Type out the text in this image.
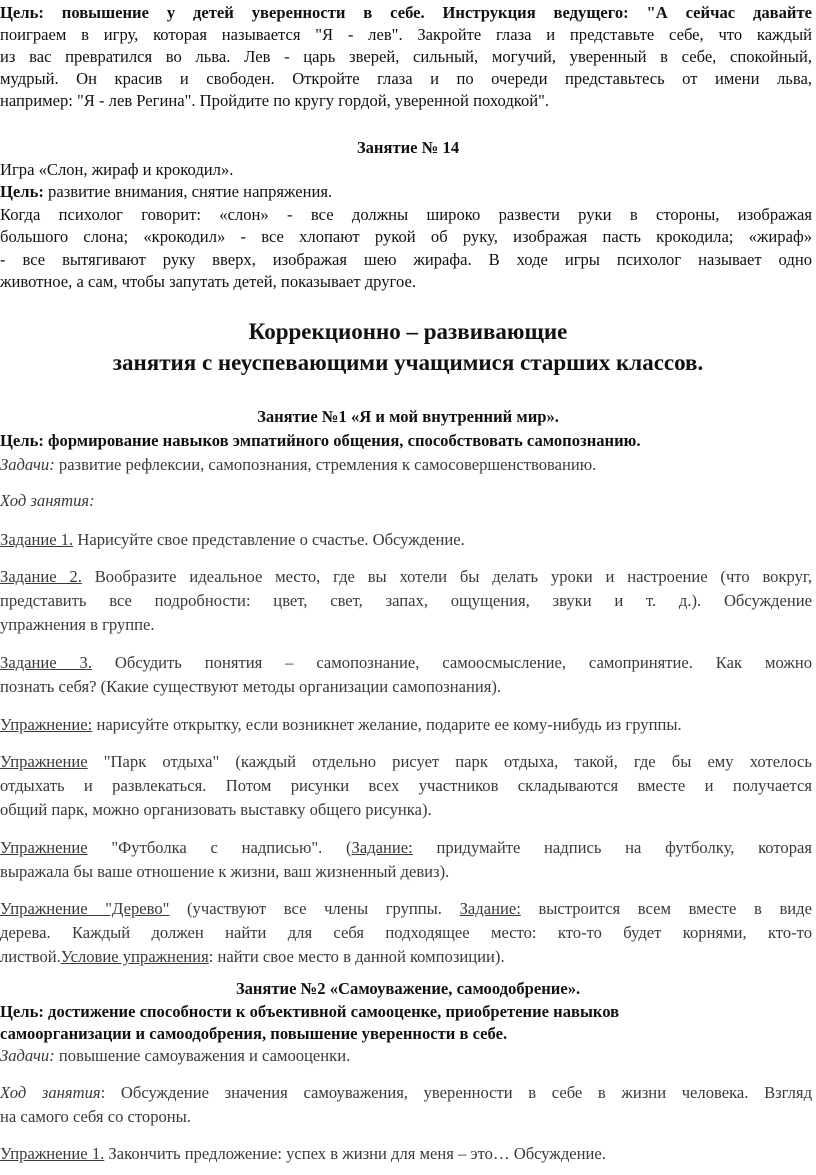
Цель: повышение у детей уверенности в себе. Инструкция ведущего: "А сейчас давайте
поиграем в игру, которая называется "Я - лев". Закройте глаза и представьте себе, что каждый
из вас превратился во льва. Лев - царь зверей, сильный, могучий, уверенный в себе, спокойный,
мудрый. Он красив и свободен. Откройте глаза и по очереди представьтесь от имени льва,
например: "Я - лев Регина". Пройдите по кругу гордой, уверенной походкой".
Занятие № 14
Игра «Слон, жираф и крокодил».
Цель: развитие внимания, снятие напряжения.
Когда психолог говорит: «слон» - все должны широко развести руки в стороны, изображая
большого слона; «крокодил» - все хлопают рукой об руку, изображая пасть крокодила; «жираф»
- все вытягивают руку вверх, изображая шею жирафа. В ходе игры психолог называет одно
животное, а сам, чтобы запутать детей, показывает другое.
Коррекционно – развивающие
занятия с неуспевающими учащимися старших классов.
Занятие №1 «Я и мой внутренний мир».
Цель: формирование навыков эмпатийного общения, способствовать самопознанию.
Задачи: развитие рефлексии, самопознания, стремления к самосовершенствованию.
Ход занятия:
Задание 1. Нарисуйте свое представление о счастье. Обсуждение.
Задание 2. Вообразите идеальное место, где вы хотели бы делать уроки и настроение (что вокруг,
представить все подробности: цвет, свет, запах, ощущения, звуки и т. д.). Обсуждение
упражнения в группе.
Задание 3. Обсудить понятия – самопознание, самоосмысление, самопринятие. Как можно
познать себя? (Какие существуют методы организации самопознания).
Упражнение: нарисуйте открытку, если возникнет желание, подарите ее кому-нибудь из группы.
Упражнение "Парк отдыха" (каждый отдельно рисует парк отдыха, такой, где бы ему хотелось
отдыхать и развлекаться. Потом рисунки всех участников складываются вместе и получается
общий парк, можно организовать выставку общего рисунка).
Упражнение "Футболка с надписью". (Задание: придумайте надпись на футболку, которая
выражала бы ваше отношение к жизни, ваш жизненный девиз).
Упражнение "Дерево" (участвуют все члены группы. Задание: выстроится всем вместе в виде
дерева. Каждый должен найти для себя подходящее место: кто-то будет корнями, кто-то
листвой.Условие упражнения: найти свое место в данной композиции).
Занятие №2 «Самоуважение, самоодобрение».
Цель: достижение способности к объективной самооценке, приобретение навыков
самоорганизации и самоодобрения, повышение уверенности в себе.
Задачи: повышение самоуважения и самооценки.
Ход занятия: Обсуждение значения самоуважения, уверенности в себе в жизни человека. Взгляд
на самого себя со стороны.
Упражнение 1. Закончить предложение: успех в жизни для меня – это… Обсуждение.
